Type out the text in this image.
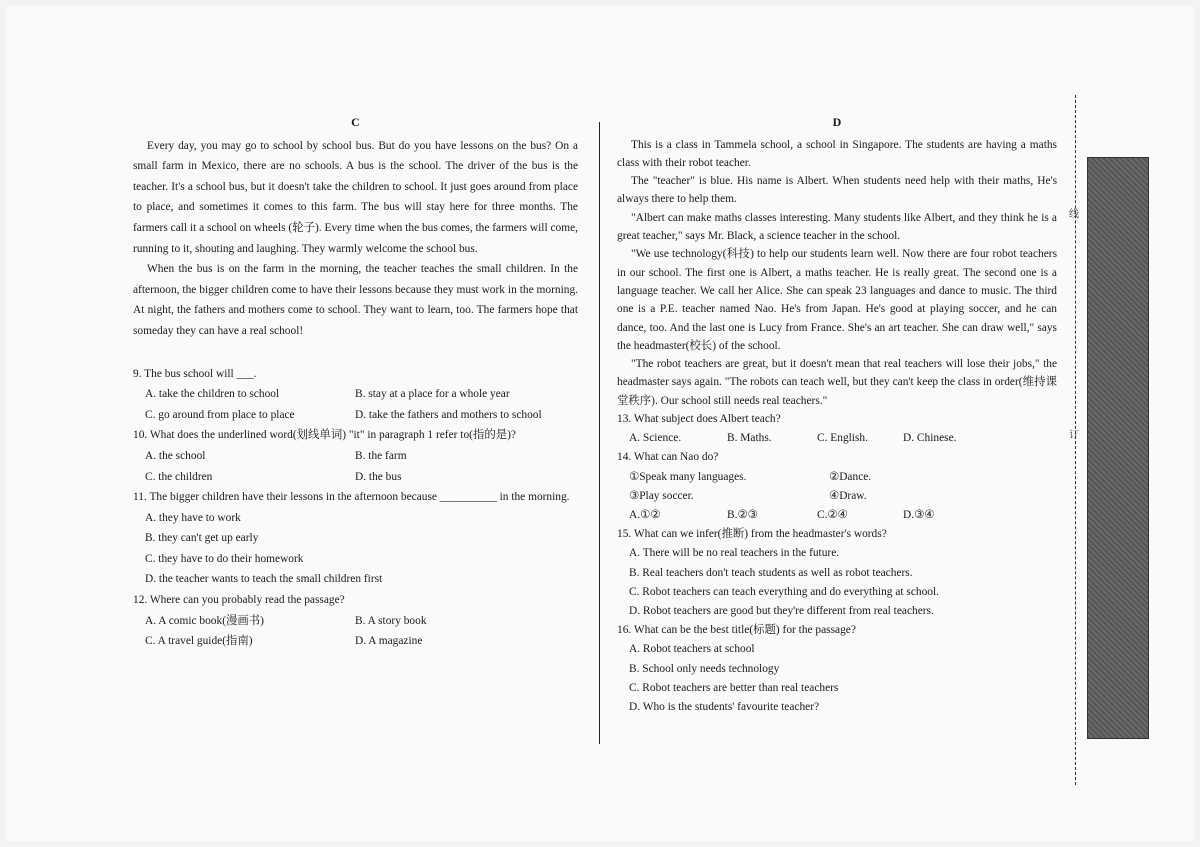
C

Every day, you may go to school by school bus. But do you have lessons on the bus? On a small farm in Mexico, there are no schools. A bus is the school. The driver of the bus is the teacher. It's a school bus, but it doesn't take the children to school. It just goes around from place to place, and sometimes it comes to this farm. The bus will stay here for three months. The farmers call it a school on wheels (轮子). Every time when the bus comes, the farmers will come, running to it, shouting and laughing. They warmly welcome the school bus.

When the bus is on the farm in the morning, the teacher teaches the small children. In the afternoon, the bigger children come to have their lessons because they must work in the morning. At night, the fathers and mothers come to school. They want to learn, too. The farmers hope that someday they can have a real school!

9. The bus school will ___.

A. take the children to school	B. stay at a place for a whole year
C. go around from place to place	D. take the fathers and mothers to school

10. What does the underlined word(划线单词) "it" in paragraph 1 refer to(指的是)?

A. the school	B. the farm
C. the children	D. the bus

11. The bigger children have their lessons in the afternoon because __________ in the morning.

A. they have to work
B. they can't get up early
C. they have to do their homework
D. the teacher wants to teach the small children first

12. Where can you probably read the passage?

A. A comic book(漫画书)	B. A story book
C. A travel guide(指南)	D. A magazine
D

This is a class in Tammela school, a school in Singapore. The students are having a maths class with their robot teacher.

The "teacher" is blue. His name is Albert. When students need help with their maths, He's always there to help them.

"Albert can make maths classes interesting. Many students like Albert, and they think he is a great teacher," says Mr. Black, a science teacher in the school.

"We use technology(科技) to help our students learn well. Now there are four robot teachers in our school. The first one is Albert, a maths teacher. He is really great. The second one is a language teacher. We call her Alice. She can speak 23 languages and dance to music. The third one is a P.E. teacher named Nao. He's from Japan. He's good at playing soccer, and he can dance, too. And the last one is Lucy from France. She's an art teacher. She can draw well," says the headmaster(校长) of the school.

"The robot teachers are great, but it doesn't mean that real teachers will lose their jobs," the headmaster says again. "The robots can teach well, but they can't keep the class in order(维持课堂秩序). Our school still needs real teachers."

13. What subject does Albert teach?

A. Science.	B. Maths.	C. English.	D. Chinese.

14. What can Nao do?

①Speak many languages.	②Dance.
③Play soccer.	④Draw.
A.①②	B.②③	C.②④	D.③④

15. What can we infer(推断) from the headmaster's words?

A. There will be no real teachers in the future.
B. Real teachers don't teach students as well as robot teachers.
C. Robot teachers can teach everything and do everything at school.
D. Robot teachers are good but they're different from real teachers.

16. What can be the best title(标题) for the passage?

A. Robot teachers at school
B. School only needs technology
C. Robot teachers are better than real teachers
D. Who is the students' favourite teacher?
线
订
